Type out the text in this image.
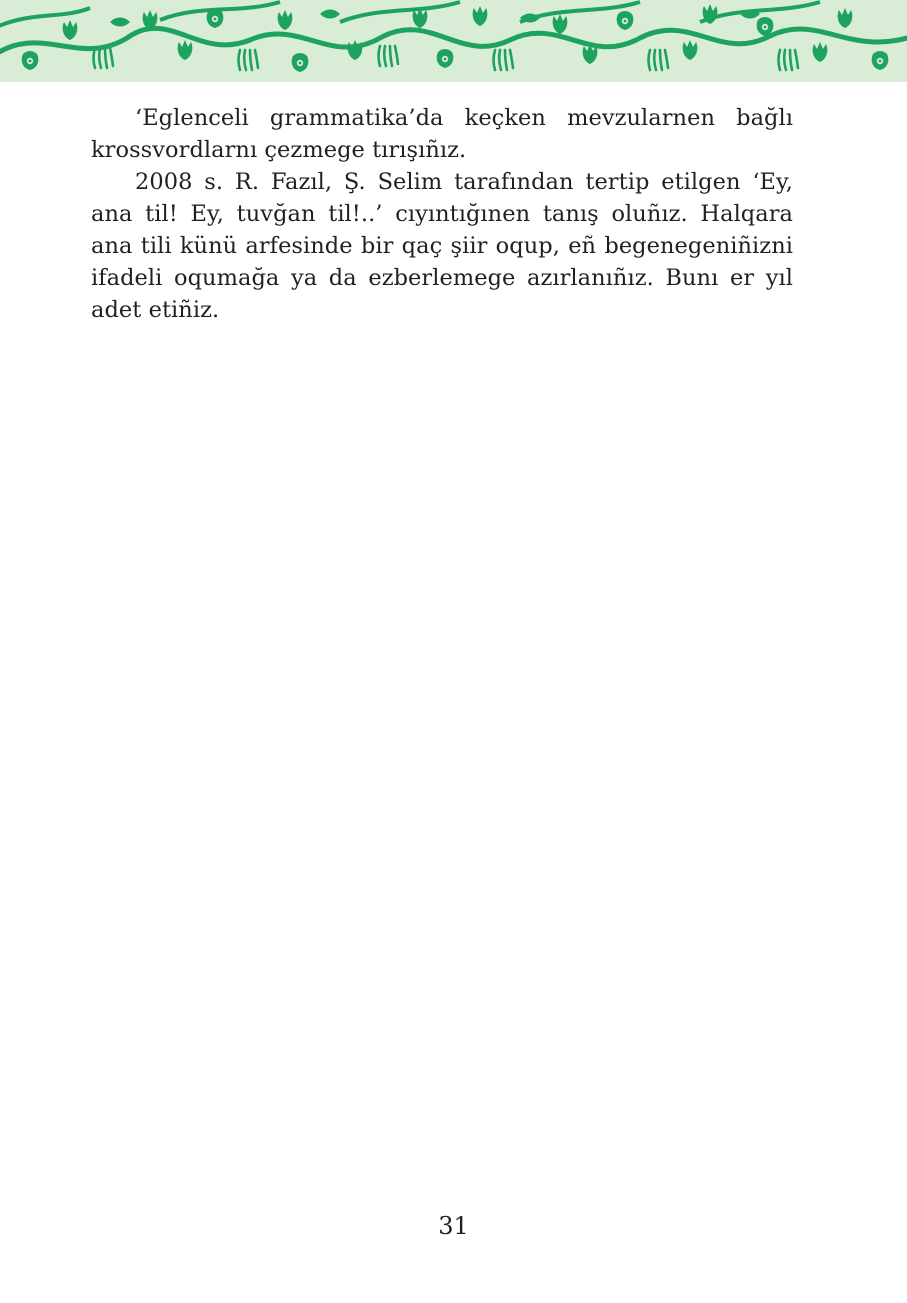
‘Eglenceli grammatika’da keçken mevzularnen bağlı krossvordlarnı çezmege tırışıñız.

2008 s. R. Fazıl, Ş. Selim tarafından tertip etilgen ‘Ey, ana til! Ey, tuvğan til!..’ cıyıntığınen tanış oluñız. Halqara ana tili künü arfesinde bir qaç şiir oqup, eñ begenegeniñizni ifadeli oqumağa ya da ezberlemege azırlanıñız. Bunı er yıl adet etiñiz.

31
